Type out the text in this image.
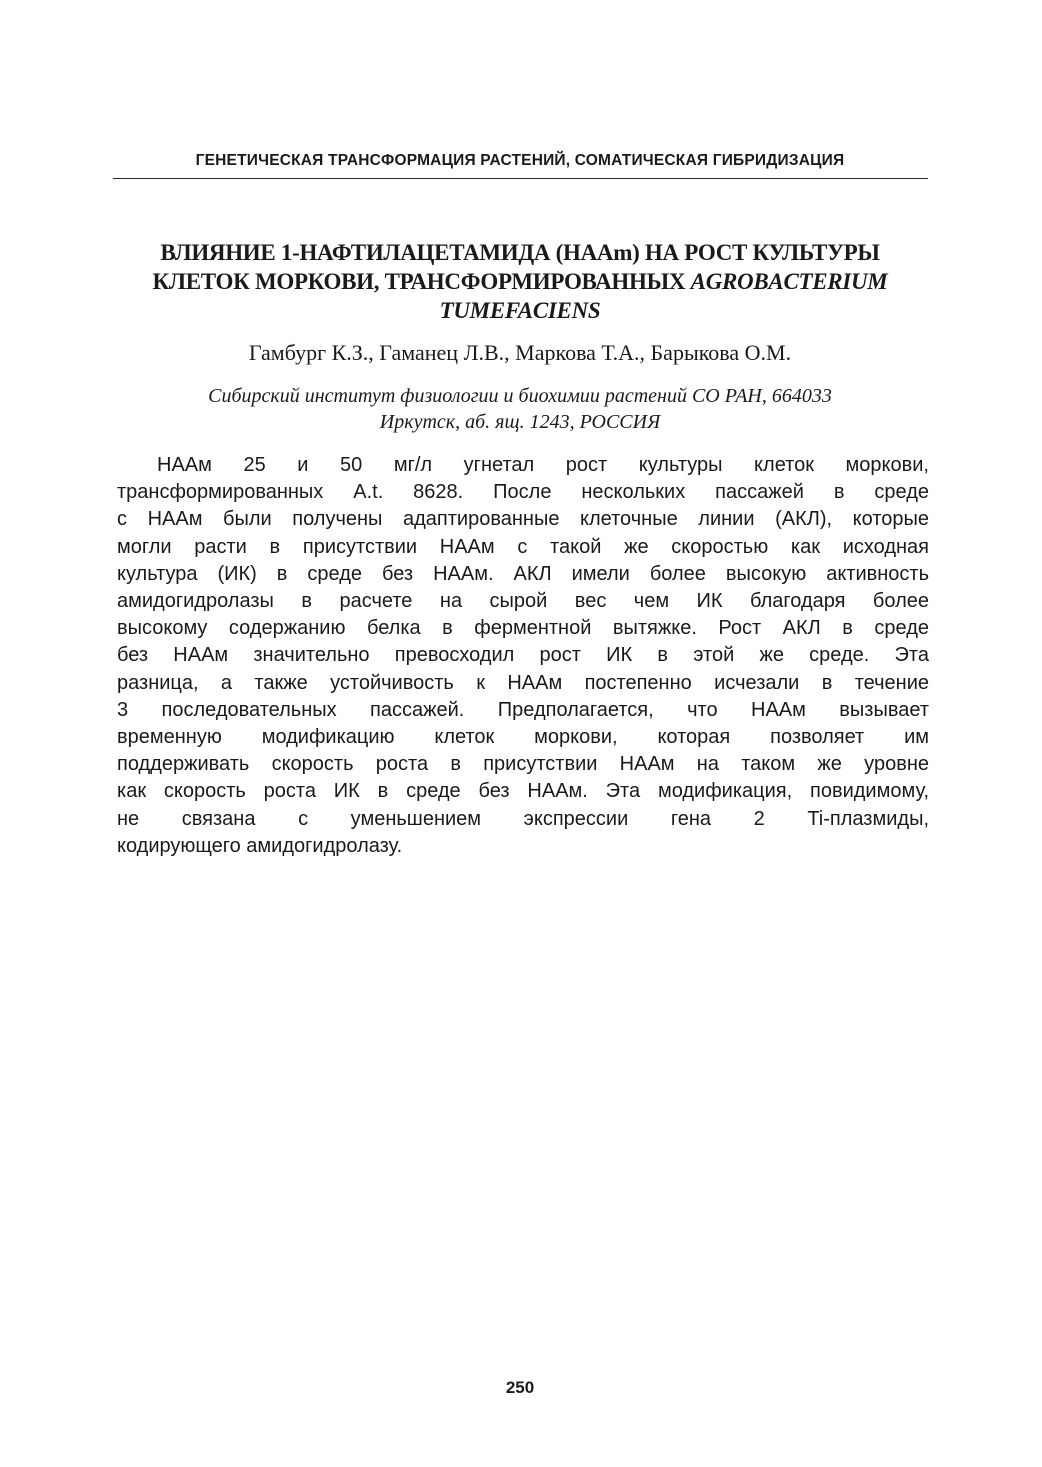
ГЕНЕТИЧЕСКАЯ ТРАНСФОРМАЦИЯ РАСТЕНИЙ, СОМАТИЧЕСКАЯ ГИБРИДИЗАЦИЯ
ВЛИЯНИЕ 1-НАФТИЛАЦЕТАМИДА (НААm) НА РОСТ КУЛЬТУРЫ
КЛЕТОК МОРКОВИ, ТРАНСФОРМИРОВАННЫХ AGROBACTERIUM
TUMEFACIENS
Гамбург К.З., Гаманец Л.В., Маркова Т.А., Барыкова О.М.
Сибирский институт физиологии и биохимии растений СО РАН, 664033
Иркутск, аб. ящ. 1243, РОССИЯ
НААм 25 и 50 мг/л угнетал рост культуры клеток моркови,
трансформированных A.t. 8628. После нескольких пассажей в среде
с НААм были получены адаптированные клеточные линии (АКЛ), которые
могли расти в присутствии НААм с такой же скоростью как исходная
культура (ИК) в среде без НААм. АКЛ имели более высокую активность
амидогидролазы в расчете на сырой вес чем ИК благодаря более
высокому содержанию белка в ферментной вытяжке. Рост АКЛ в среде
без НААм значительно превосходил рост ИК в этой же среде. Эта
разница, а также устойчивость к НААм постепенно исчезали в течение
3 последовательных пассажей. Предполагается, что НААм вызывает
временную модификацию клеток моркови, которая позволяет им
поддерживать скорость роста в присутствии НААм на таком же уровне
как скорость роста ИК в среде без НААм. Эта модификация, повидимому,
не связана с уменьшением экспрессии гена 2 Ti-плазмиды,
кодирующего амидогидролазу.
250
